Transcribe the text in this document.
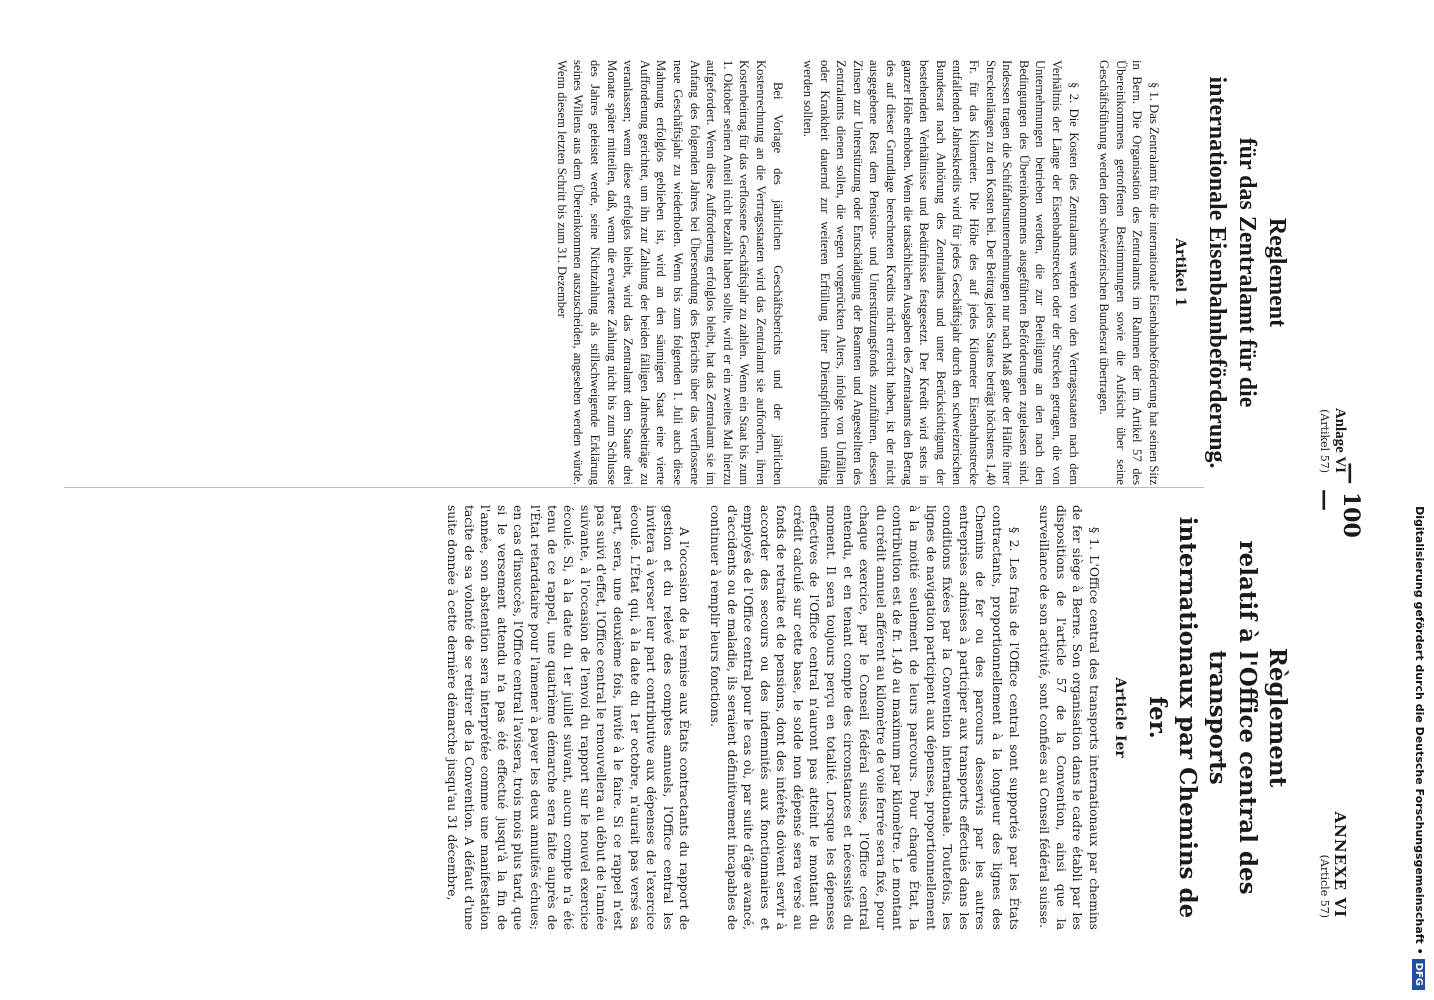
Digitalisierung gefördert durch die Deutsche Forschungsgemeinschaft •DFG
— 100 —
Anlage VI
(Artikel 57)
Reglement
für das Zentralamt für die
internationale Eisenbahnbeförderung.
Artikel 1

§ 1. Das Zentralamt für die internationale Eisenbahnbeförderung hat seinen Sitz in Bern. Die Organisation des Zentralamts im Rahmen der im Artikel 57 des Übereinkommens getroffenen Bestimmungen sowie die Aufsicht über seine Geschäftsführung werden dem schweizerischen Bundesrat übertragen.

§ 2. Die Kosten des Zentralamts werden von den Vertragsstaaten nach dem Verhältnis der Länge der Eisenbahnstrecken oder der Strecken getragen, die von Unternehmungen betrieben werden, die zur Beteiligung an den nach den Bedingungen des Übereinkommens ausgeführten Beförderungen zugelassen sind. Indessen tragen die Schiffahrtsunternehmungen nur nach Maß gabe der Hälfte ihrer Streckenlängen zu den Kosten bei. Der Beitrag jedes Staates beträgt höchstens 1,40 Fr. für das Kilometer. Die Höhe des auf jedes Kilometer Eisenbahnstrecke entfallenden Jahreskredits wird für jedes Geschäftsjahr durch den schweizerischen Bundesrat nach Anhörung des Zentralamts und unter Berücksichtigung der bestehenden Verhältnisse und Bedürfnisse festgesetzt. Der Kredit wird stets in ganzer Höhe erhoben. Wenn die tatsächlichen Ausgaben des Zentralamts den Betrag des auf dieser Grundlage berechneten Kredits nicht erreicht haben, ist der nicht ausgegebene Rest dem Pensions- und Unterstützungsfonds zuzuführen, dessen Zinsen zur Unterstützung oder Entschädigung der Beamten und Angestellten des Zentralamts dienen sollen, die wegen vorgerückten Alters, infolge von Unfällen oder Krankheit dauernd zur weiteren Erfüllung ihrer Dienstpflichten unfähig werden sollten.

Bei Vorlage des jährlichen Geschäftsberichts und der jährlichen Kostenrechnung an die Vertragsstaaten wird das Zentralamt sie auffordern, ihren Kostenbeitrag für das verflossene Geschäftsjahr zu zahlen. Wenn ein Staat bis zum 1. Oktober seinen Anteil nicht bezahlt haben sollte, wird er ein zweites Mal hierzu aufgefordert. Wenn diese Aufforderung erfolglos bleibt, hat das Zentralamt sie im Anfang des folgenden Jahres bei Übersendung des Berichts über das verflossene neue Geschäftsjahr zu wiederholen. Wenn bis zum folgenden 1. Juli auch diese Mahnung erfolglos geblieben ist, wird an den säumigen Staat eine vierte Aufforderung gerichtet, um ihn zur Zahlung der beiden fälligen Jahresbeiträge zu veranlassen; wenn diese erfolglos bleibt, wird das Zentralamt dem Staate drei Monate später mitteilen, daß, wenn die erwartete Zahlung nicht bis zum Schlusse des Jahres geleistet werde, seine Nichtzahlung als stillschweigende Erklärung seines Willens aus dem Übereinkommen auszuscheiden, angesehen werden würde. Wenn diesem letzten Schritt bis zum 31. Dezember

ANNEXE VI
(Article 57)
Règlement
relatif à l'Office central des transports
internationaux par Chemins de fer.
Article Ier

§ 1. L'Office central des transports internationaux par chemins de fer siège à Berne. Son organisation dans le cadre établi par les dispositions de l'article 57 de la Convention, ainsi que la surveillance de son activité, sont confiées au Conseil fédéral suisse.

§ 2. Les frais de l'Office central sont supportés par les États contractants, proportionnellement à la longueur des lignes des Chemins de fer ou des parcours desservis par les autres entreprises admises à participer aux transports effectués dans les conditions fixées par la Convention internationale. Toutefois, les lignes de navigation participent aux dépenses, proportionnellement à la moitié seulement de leurs parcours. Pour chaque État, la contribution est de fr. 1,40 au maximum par kilomètre. Le montant du crédit annuel afférent au kilomètre de voie ferrée sera fixé, pour chaque exercice, par le Conseil fédéral suisse, l'Office central entendu, et en tenant compte des circonstances et nécessités du moment. Il sera toujours perçu en totalité. Lorsque les dépenses effectives de l'Office central n'auront pas atteint le montant du crédit calculé sur cette base, le solde non dépensé sera versé au fonds de retraite et de pensions, dont des intérêts doivent servir à accorder des secours ou des indemnités aux fonctionnaires et employés de l'Office central pour le cas où, par suite d'âge avancé, d'accidents ou de maladie, ils seraient définitivement incapables de continuer à remplir leurs fonctions.

A l'occasion de la remise aux États contractants du rapport de gestion et du relevé des comptes annuels, l'Office central les invitera à verser leur part contributive aux dépenses de l'exercice écoulé. L'État qui, à la date du 1er octobre, n'aurait pas versé sa part, sera, une deuxième fois, invité à le faire. Si ce rappel n'est pas suivi d'effet, l'Office central le renouvellera au début de l'année suivante, à l'occasion de l'envoi du rapport sur le nouvel exercice écoulé. Si, à la date du 1er juillet suivant, aucun compte n'a été tenu de ce rappel, une quatrième démarche sera faite auprès de l'État retardataire pour l'amener à payer les deux annuités échues; en cas d'insuccès, l'Office central l'avisera, trois mois plus tard, que si le versement attendu n'a pas été effectué jusqu'à la fin de l'année, son abstention sera interprétée comme une manifestation tacite de sa volonté de se retirer de la Convention. A défaut d'une suite donnée à cette dernière démarche jusqu'au 31 décembre,
